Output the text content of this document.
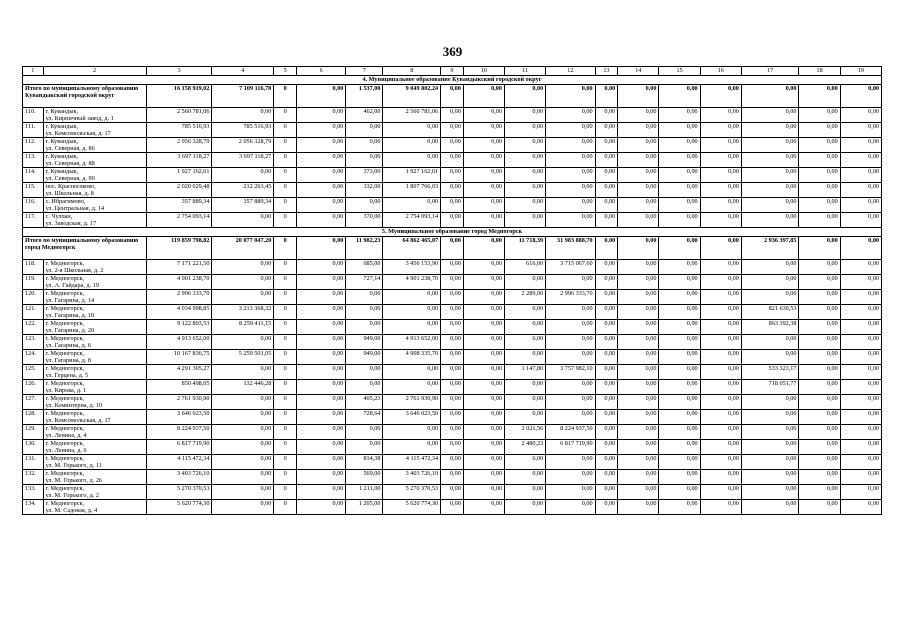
369
1	2	3	4	5	6	7	8	9	10	11	12	13	14	15	16	17	18	19
4. Муниципальное образование Кувандыкский городской округ																		
Итого по муниципальному образованию Кувандыкский городской округ		16 158 919,02	7 109 116,78	0	0,00	1 537,00	9 049 802,24	0,00	0,00	0,00	0,00	0,00	0,00	0,00	0,00	0,00	0,00	0,00
110.	г. Кувандык,
ул. Кирпичный завод, д. 1	2 560 781,06	0,00	0	0,00	462,00	2 560 781,06	0,00	0,00	0,00	0,00	0,00	0,00	0,00	0,00	0,00	0,00	0,00
111.	г. Кувандык,
ул. Комсомольская, д. 17	785 516,93	785 516,93	0	0,00	0,00	0,00	0,00	0,00	0,00	0,00	0,00	0,00	0,00	0,00	0,00	0,00	0,00
112.	г. Кувандык,
ул. Северная, д. 86	2 056 328,79	2 056 328,79	0	0,00	0,00	0,00	0,00	0,00	0,00	0,00	0,00	0,00	0,00	0,00	0,00	0,00	0,00
113.	г. Кувандык,
ул. Северная, д. 88	3 697 118,27	3 697 118,27	0	0,00	0,00	0,00	0,00	0,00	0,00	0,00	0,00	0,00	0,00	0,00	0,00	0,00	0,00
114.	г. Кувандык,
ул. Северная, д. 90	1 927 162,01	0,00	0	0,00	373,00	1 927 162,01	0,00	0,00	0,00	0,00	0,00	0,00	0,00	0,00	0,00	0,00	0,00
115.	пос. Красноглково,
ул. Школьная, д. 8	2 020 029,48	212 263,45	0	0,00	332,00	1 807 766,03	0,00	0,00	0,00	0,00	0,00	0,00	0,00	0,00	0,00	0,00	0,00
116.	с. Ибрагимово,
ул. Центральная, д. 14	357 889,34	357 889,34	0	0,00	0,00	0,00	0,00	0,00	0,00	0,00	0,00	0,00	0,00	0,00	0,00	0,00	0,00
117.	с. Чулпан,
ул. Заводская, д. 17	2 754 093,14	0,00	0	0,00	370,00	2 754 093,14	0,00	0,00	0,00	0,00	0,00	0,00	0,00	0,00	0,00	0,00	0,00
5. Муниципальное образование город Медногорск																		
Итого по муниципальному образованию город Медногорск		119 859 798,82	20 077 047,20	0	0,00	11 982,23	64 862 465,07	0,00	0,00	11 718,39	31 983 888,70	0,00	0,00	0,00	0,00	2 936 397,85	0,00	0,00
118.	г. Медногорск,
ул. 2-я Школьная, д. 2	7 171 221,50	0,00	0	0,00	685,00	3 456 153,90	0,00	0,00	616,00	3 715 067,60	0,00	0,00	0,00	0,00	0,00	0,00	0,00
119.	г. Медногорск,
ул. А. Гайдара, д. 19	4 901 238,70	0,00	0	0,00	727,14	4 901 238,70	0,00	0,00	0,00	0,00	0,00	0,00	0,00	0,00	0,00	0,00	0,00
120.	г. Медногорск,
ул. Гагарина, д. 14	2 996 333,70	0,00	0	0,00	0,00	0,00	0,00	0,00	2 289,00	2 996 333,70	0,00	0,00	0,00	0,00	0,00	0,00	0,00
121.	г. Медногорск,
ул. Гагарина, д. 18	4 034 998,85	3 213 368,32	0	0,00	0,00	0,00	0,00	0,00	0,00	0,00	0,00	0,00	0,00	0,00	821 630,53	0,00	0,00
122.	г. Медногорск,
ул. Гагарина, д. 20	9 122 803,53	8 259 411,15	0	0,00	0,00	0,00	0,00	0,00	0,00	0,00	0,00	0,00	0,00	0,00	863 392,38	0,00	0,00
123.	г. Медногорск,
ул. Гагарина, д. 6	4 913 652,00	0,00	0	0,00	949,00	4 913 652,00	0,00	0,00	0,00	0,00	0,00	0,00	0,00	0,00	0,00	0,00	0,00
124.	г. Медногорск,
ул. Гагарина, д. 8	10 167 836,75	5 259 501,05	0	0,00	949,00	4 908 335,70	0,00	0,00	0,00	0,00	0,00	0,00	0,00	0,00	0,00	0,00	0,00
125.	г. Медногорск,
ул. Герцена, д. 5	4 291 305,27	0,00	0	0,00	0,00	0,00	0,00	0,00	1 147,80	3 757 982,10	0,00	0,00	0,00	0,00	533 323,17	0,00	0,00
126.	г. Медногорск,
ул. Кирова, д. 1	850 498,05	132 446,28	0	0,00	0,00	0,00	0,00	0,00	0,00	0,00	0,00	0,00	0,00	0,00	718 051,77	0,00	0,00
127.	г. Медногорск,
ул. Коминтерна, д. 10	2 761 930,90	0,00	0	0,00	405,23	2 761 930,90	0,00	0,00	0,00	0,00	0,00	0,00	0,00	0,00	0,00	0,00	0,00
128.	г. Медногорск,
ул. Комсомольская, д. 17	3 646 023,50	0,00	0	0,00	728,64	3 646 023,50	0,00	0,00	0,00	0,00	0,00	0,00	0,00	0,00	0,00	0,00	0,00
129.	г. Медногорск,
ул. Ленина, д. 4	8 224 937,50	0,00	0	0,00	0,00	0,00	0,00	0,00	2 021,56	8 224 937,50	0,00	0,00	0,00	0,00	0,00	0,00	0,00
130.	г. Медногорск,
ул. Ленина, д. 6	6 817 719,90	0,00	0	0,00	0,00	0,00	0,00	0,00	2 480,23	6 817 719,90	0,00	0,00	0,00	0,00	0,00	0,00	0,00
131.	г. Медногорск,
ул. М. Горького, д. 11	4 115 472,34	0,00	0	0,00	814,38	4 115 472,34	0,00	0,00	0,00	0,00	0,00	0,00	0,00	0,00	0,00	0,00	0,00
132.	г. Медногорск,
ул. М. Горького, д. 26	3 403 726,10	0,00	0	0,00	569,00	3 403 726,10	0,00	0,00	0,00	0,00	0,00	0,00	0,00	0,00	0,00	0,00	0,00
133.	г. Медногорск,
ул. М. Горького, д. 2	5 270 370,53	0,00	0	0,00	1 211,00	5 270 370,53	0,00	0,00	0,00	0,00	0,00	0,00	0,00	0,00	0,00	0,00	0,00
134.	г. Медногорск,
ул. М. Садовая, д. 4	5 620 774,30	0,00	0	0,00	1 205,00	5 620 774,30	0,00	0,00	0,00	0,00	0,00	0,00	0,00	0,00	0,00	0,00	0,00
